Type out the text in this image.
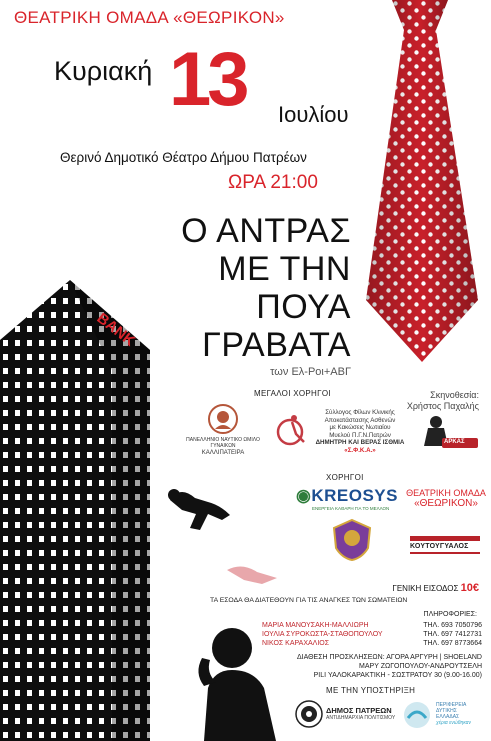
ΘΕΑΤΡΙΚΗ ΟΜΑΔΑ «ΘΕΩΡΙΚΟΝ»
Κυριακή 13 Ιουλίου
Θερινό Δημοτικό Θέατρο Δήμου Πατρέων
ΩΡΑ 21:00
Ο ΑΝΤΡΑΣ
ΜΕ ΤΗΝ
ΠΟΥΑ
ΓΡΑΒΑΤΑ
των Ελ-Ροι+ΑΒΓ
Σκηνοθεσία:
Χρήστος Παχαλής
BANK
ΜΕΓΑΛΟΙ ΧΟΡΗΓΟΙ
ΠΑΝΕΛΛΗΝΙΟ ΝΑΥΤΙΚΟ ΩΜΙΛΟ ΓΥΝΑΙΚΩΝ
ΚΑΛΛΙΠΑΤΕΙΡΑ
Σύλλογος Φίλων Κλινικής
Αποκατάστασης Ασθενών
με Κακώσεις Νωτιαίου
Μυελού Π.Γ.Ν.Πατρών
ΔΗΜΗΤΡΗ ΚΑΙ ΒΕΡΑΣ ΙΣΘΜΙΑ
«Σ.Φ.Κ.Α.»
ΑΡΚΑΣ
ΧΟΡΗΓΟΙ
◉KREOSYS
ΕΝΕΡΓΕΙΑ ΚΑΘΑΡΗ ΓΙΑ ΤΟ ΜΕΛΛΟΝ
ΘΕΑΤΡΙΚΗ ΟΜΑΔΑ
«ΘΕΩΡΙΚΟΝ»
ΚΟΥΤΟΥΓΥΑΛΟΣ
ΓΕΝΙΚΗ ΕΙΣΟΔΟΣ 10€
ΤΑ ΕΣΟΔΑ ΘΑ ΔΙΑΤΕΘΟΥΝ ΓΙΑ ΤΙΣ ΑΝΑΓΚΕΣ ΤΩΝ ΣΩΜΑΤΕΙΩΝ
ΠΛΗΡΟΦΟΡΙΕΣ:
ΜΑΡΙΑ ΜΑΝΟΥΣΑΚΗ-ΜΑΛΛΙΩΡΗ	ΤΗΛ. 693 7050796
ΙΟΥΛΙΑ ΣΥΡΟΚΩΣΤΑ-ΣΤΑΘΟΠΟΥΛΟΥ	ΤΗΛ. 697 7412731
ΝΙΚΟΣ ΚΑΡΑΧΑΛΙΟΣ	ΤΗΛ. 697 8773664
ΔΙΑΘΕΣΗ ΠΡΟΣΚΛΗΣΕΩΝ: ΑΓΟΡΑ ΑΡΓΥΡΗ | SHOELAND
ΜΑΡΥ ΖΩΓΟΠΟΥΛΟΥ-ΑΝΔΡΟΥΤΣΕΛΗ
PILI ΥΑΛΟΚΑΡΑΚΤΙΚΗ - ΣΩΣΤΡΑΤΟΥ 30 (9.00-16.00)
ΜΕ ΤΗΝ ΥΠΟΣΤΗΡΙΞΗ
ΔΗΜΟΣ ΠΑΤΡΕΩΝ
ΑΝΤΙΔΗΜΑΡΧΙΑ ΠΟΛΙΤΙΣΜΟΥ
ΠΕΡΙΦΕΡΕΙΑ
ΔΥΤΙΚΗΣ
ΕΛΛΑΔΑΣ
χέρια ενώθηκαν
